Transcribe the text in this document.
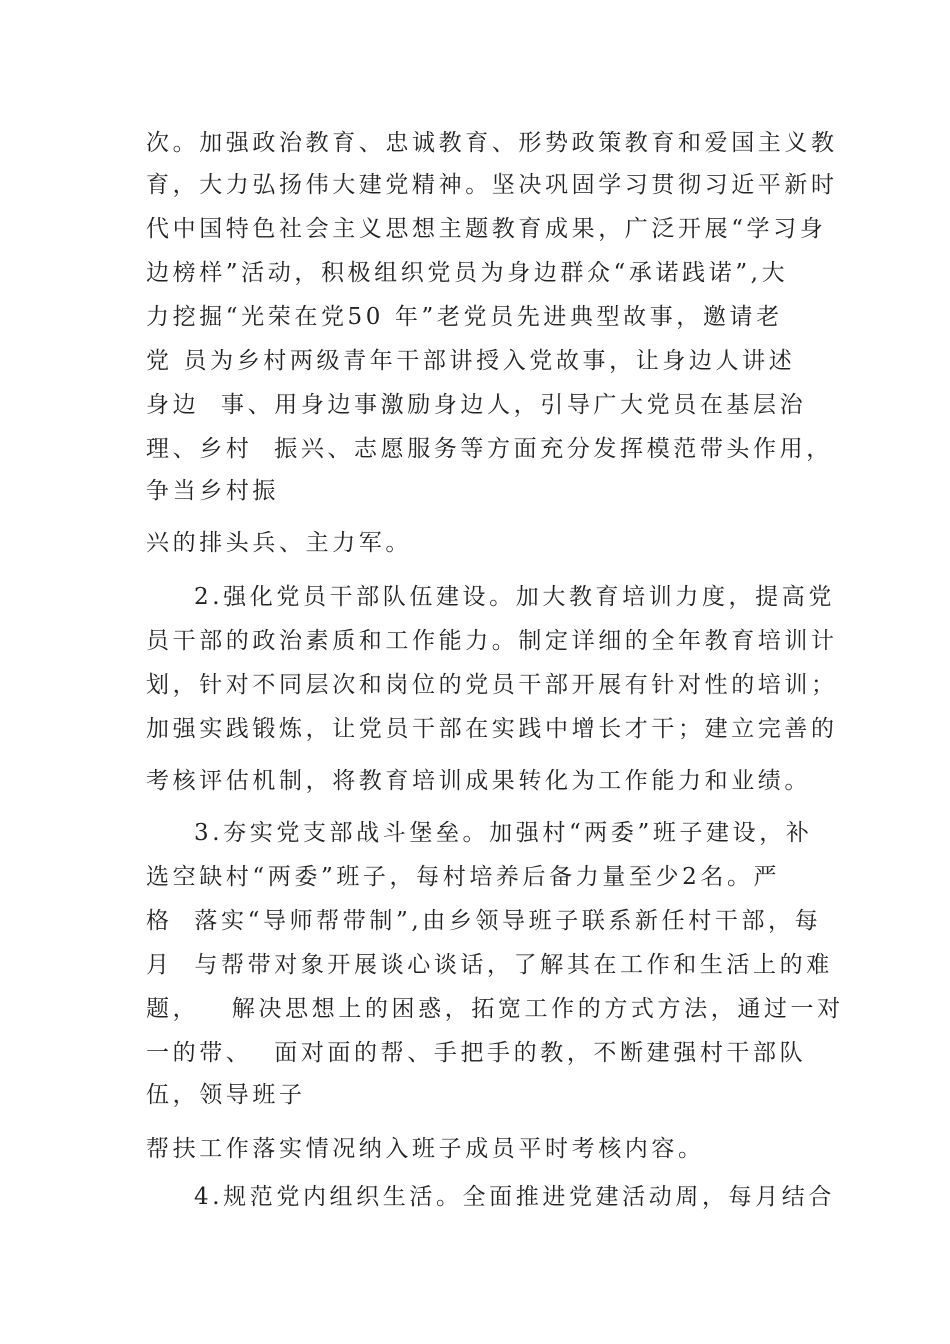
次。加强政治教育、忠诚教育、形势政策教育和爱国主义教

育，大力弘扬伟大建党精神。坚决巩固学习贯彻习近平新时

代中国特色社会主义思想主题教育成果，广泛开展“学习身

边榜样”活动，积极组织党员为身边群众“承诺践诺”,大

力挖掘“光荣在党50 年”老党员先进典型故事，邀请老

党 员为乡村两级青年干部讲授入党故事，让身边人讲述

身边  事、用身边事激励身边人，引导广大党员在基层治

理、乡村  振兴、志愿服务等方面充分发挥模范带头作用，

争当乡村振

兴的排头兵、主力军。

2.强化党员干部队伍建设。加大教育培训力度，提高党

员干部的政治素质和工作能力。制定详细的全年教育培训计

划，针对不同层次和岗位的党员干部开展有针对性的培训；

加强实践锻炼，让党员干部在实践中增长才干；建立完善的

考核评估机制，将教育培训成果转化为工作能力和业绩。

3.夯实党支部战斗堡垒。加强村“两委”班子建设，补

选空缺村“两委”班子，每村培养后备力量至少2名。严

格  落实“导师帮带制”,由乡领导班子联系新任村干部，每

月  与帮带对象开展谈心谈话，了解其在工作和生活上的难

题，   解决思想上的困惑，拓宽工作的方式方法，通过一对

一的带、  面对面的帮、手把手的教，不断建强村干部队

伍，领导班子

帮扶工作落实情况纳入班子成员平时考核内容。

4.规范党内组织生活。全面推进党建活动周，每月结合
